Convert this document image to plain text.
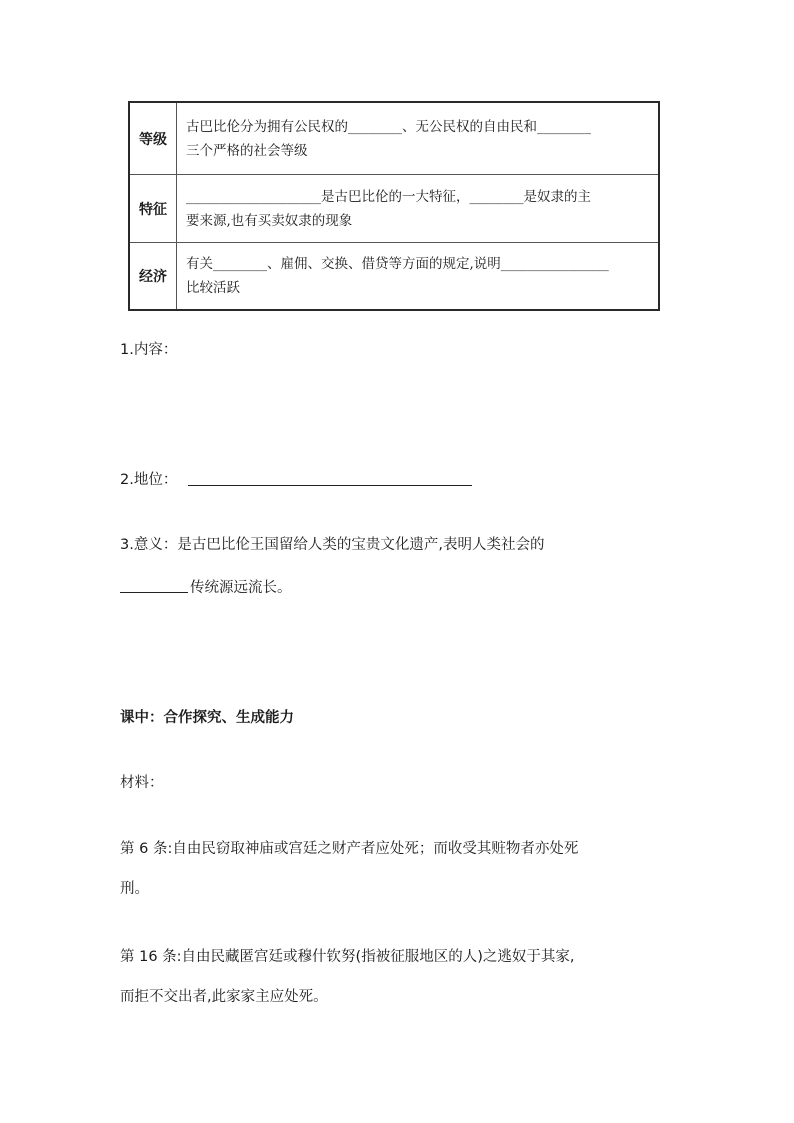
等级
古巴比伦分为拥有公民权的________、无公民权的自由民和________
三个严格的社会等级
特征
____________________是古巴比伦的一大特征，________是奴隶的主
要来源,也有买卖奴隶的现象
经济
有关________、雇佣、交换、借贷等方面的规定,说明________________
比较活跃
1.内容：
2.地位：
3.意义：是古巴比伦王国留给人类的宝贵文化遗产,表明人类社会的
传统源远流长。
课中：合作探究、生成能力
材料：
第 6 条:自由民窃取神庙或宫廷之财产者应处死；而收受其赃物者亦处死
刑。
第 16 条:自由民藏匿宫廷或穆什钦努(指被征服地区的人)之逃奴于其家,
而拒不交出者,此家家主应处死。
